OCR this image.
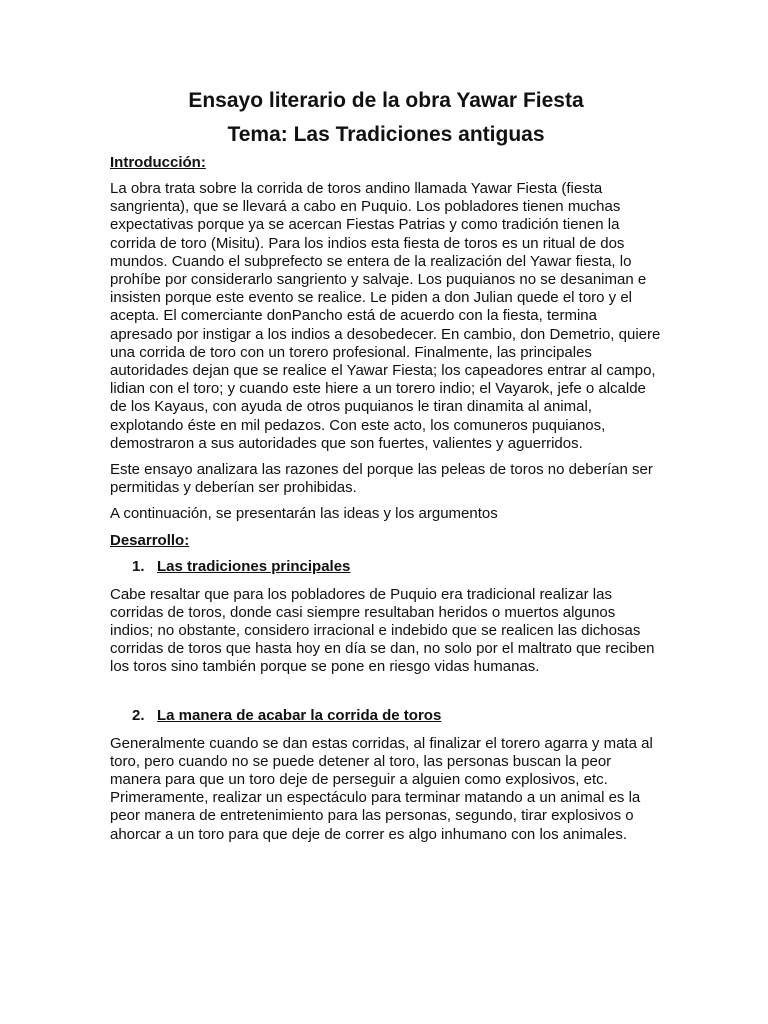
Ensayo literario de la obra Yawar Fiesta
Tema: Las Tradiciones antiguas
Introducción:

La obra trata sobre la corrida de toros andino llamada Yawar Fiesta (fiesta sangrienta), que se llevará a cabo en Puquio. Los pobladores tienen muchas expectativas porque ya se acercan Fiestas Patrias y como tradición tienen la corrida de toro (Misitu). Para los indios esta fiesta de toros es un ritual de dos mundos. Cuando el subprefecto se entera de la realización del Yawar fiesta, lo prohíbe por considerarlo sangriento y salvaje. Los puquianos no se desaniman e insisten porque este evento se realice. Le piden a don Julian quede el toro y el acepta. El comerciante donPancho está de acuerdo con la fiesta, termina apresado por instigar a los indios a desobedecer. En cambio, don Demetrio, quiere una corrida de toro con un torero profesional. Finalmente, las principales autoridades dejan que se realice el Yawar Fiesta; los capeadores entrar al campo, lidian con el toro; y cuando este hiere a un torero indio; el Vayarok, jefe o alcalde de los Kayaus, con ayuda de otros puquianos le tiran dinamita al animal, explotando éste en mil pedazos. Con este acto, los comuneros puquianos, demostraron a sus autoridades que son fuertes, valientes y aguerridos.

Este ensayo analizara las razones del porque las peleas de toros no deberían ser permitidas y deberían ser prohibidas.

A continuación, se presentarán las ideas y los argumentos

Desarrollo:
1. Las tradiciones principales

Cabe resaltar que para los pobladores de Puquio era tradicional realizar las corridas de toros, donde casi siempre resultaban heridos o muertos algunos indios; no obstante, considero irracional e indebido que se realicen las dichosas corridas de toros que hasta hoy en día se dan, no solo por el maltrato que reciben los toros sino también porque se pone en riesgo vidas humanas.

2. La manera de acabar la corrida de toros

Generalmente cuando se dan estas corridas, al finalizar el torero agarra y mata al toro, pero cuando no se puede detener al toro, las personas buscan la peor manera para que un toro deje de perseguir a alguien como explosivos, etc. Primeramente, realizar un espectáculo para terminar matando a un animal es la peor manera de entretenimiento para las personas, segundo, tirar explosivos o ahorcar a un toro para que deje de correr es algo inhumano con los animales.
